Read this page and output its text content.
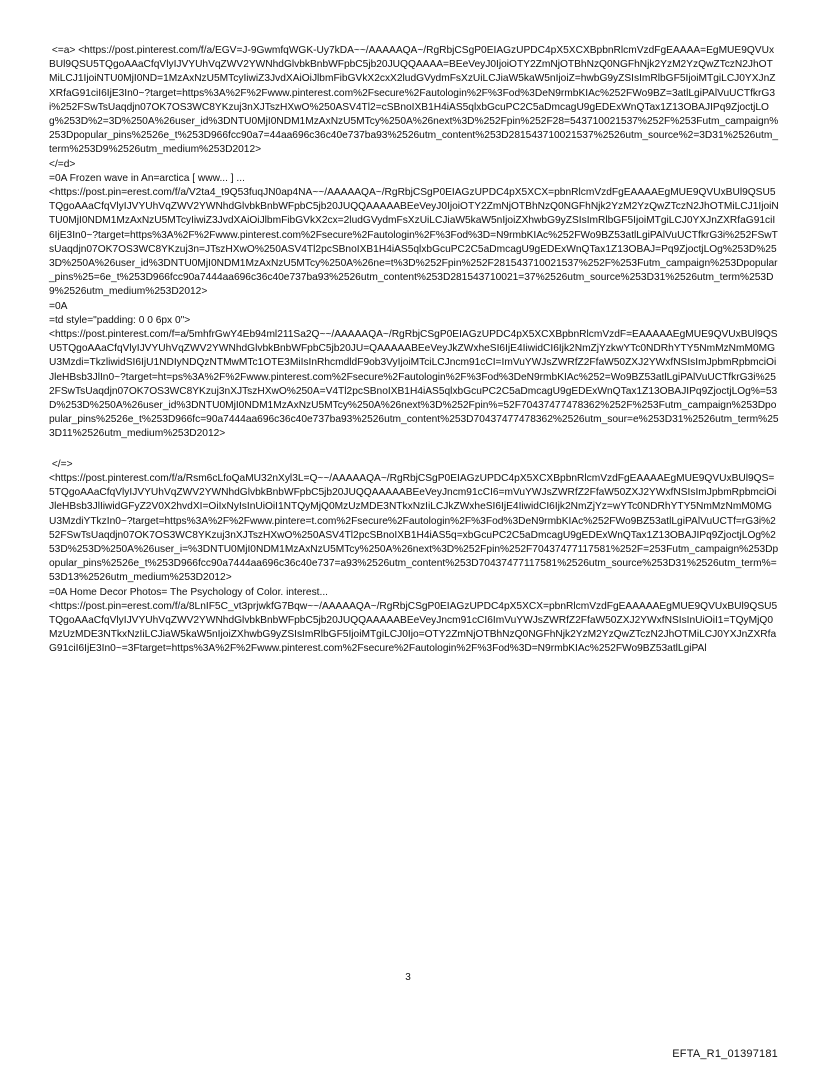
<=a> <https://post.pinterest.com/f/a/EGV=J-9GwmfqWGK-Uy7kDA~~/AAAAAQA~/RgRbjCSgP0EIAGzUPDC4pX5XCXBpbnRlcmVzdFgEAAAA=EgMUE9QVUxBUl9QSU5TQgoAAaCfqVlyIJVYUhVqZWV2YWNhdGlvbkBnbWFpbC5jb20JUQQAAAA=BEeVeyJ0IjoiOTY2ZmNjOTBhNzQ0NGFhNjk2YzM2YzQwZTczN2JhOTMiLCJ1IjoiNTU0MjI0ND=1MzAxNzU5MTcyIiwiZ3JvdXAiOiJlbmFibGVkX2cxX2ludGVydmFsXzUiLCJiaW5kaW5nIjoiZ=hwbG9yZSIsImRlbGF5IjoiMTgiLCJ0YXJnZXRfaG91ciI6IjE3In0~?target=https%3A%2F%2Fwww.pinterest.com%2Fsecure%2Fautologin%2F%3Fod%3DeN9rmbKIAc%252FWo9BZ=3atlLgiPAlVuUCTfkrG3i%252FSwTsUaqdjn07OK7OS3WC8YKzuj3nXJTszHXwO%250ASV4Tl2=cSBnoIXB1H4iAS5qlxbGcuPC2C5aDmcagU9gEDExWnQTax1Z13OBAJIPq9ZjoctjLOg%253D%2=3D%250A%26user_id%3DNTU0MjI0NDM1MzAxNzU5MTcy%250A%26next%3D%252Fpin%252F28=543710021537%252F%253Futm_campaign%253Dpopular_pins%2526e_t%253D966fcc90a7=44aa696c36c40e737ba93%2526utm_content%253D281543710021537%2526utm_source%2=3D31%2526utm_term%253D9%2526utm_medium%253D2012>

</=d>

=0A Frozen wave in An=arctica [ www... ] ...

<https://post.pin=erest.com/f/a/V2ta4_t9Q53fuqJN0ap4NA~~/AAAAAQA~/RgRbjCSgP0EIAGzUPDC4pX5XCX=pbnRlcmVzdFgEAAAAEgMUE9QVUxBUl9QSU5TQgoAAaCfqVlyIJVYUhVqZWV2YWNhdGlvbkBnbWFpbC5jb20JUQQAAAAABEeVeyJ0IjoiOTY2ZmNjOTBhNzQ0NGFhNjk2YzM2YzQwZTczN2JhOTMiLCJ1IjoiNTU0MjI0NDM1MzAxNzU5MTcyIiwiZ3JvdXAiOiJlbmFibGVkX2cx=2ludGVydmFsXzUiLCJiaW5kaW5nIjoiZXhwbG9yZSIsImRlbGF5IjoiMTgiLCJ0YXJnZXRfaG91ciI6IjE3In0~?target=https%3A%2F%2Fwww.pinterest.com%2Fsecure%2Fautologin%2F%3Fod%3D=N9rmbKIAc%252FWo9BZ53atlLgiPAlVuUCTfkrG3i%252FSwTsUaqdjn07OK7OS3WC8YKzuj3n=JTszHXwO%250ASV4Tl2pcSBnoIXB1H4iAS5qlxbGcuPC2C5aDmcagU9gEDExWnQTax1Z13OBAJ=Pq9ZjoctjLOg%253D%253D%250A%26user_id%3DNTU0MjI0NDM1MzAxNzU5MTcy%250A%26ne=t%3D%252Fpin%252F281543710021537%252F%253Futm_campaign%253Dpopular_pins%25=6e_t%253D966fcc90a7444aa696c36c40e737ba93%2526utm_content%253D281543710021=37%2526utm_source%253D31%2526utm_term%253D9%2526utm_medium%253D2012>

=0A

=td style="padding: 0 0 6px 0">

<https://post.pinterest.com/f=a/5mhfrGwY4Eb94ml211Sa2Q~~/AAAAAQA~/RgRbjCSgP0EIAGzUPDC4pX5XCXBpbnRlcmVzdF=EAAAAAEgMUE9QVUxBUl9QSU5TQgoAAaCfqVlyIJVYUhVqZWV2YWNhdGlvbkBnbWFpbC5jb20JU=QAAAAABEeVeyJkZWxheSI6IjE4IiwidCI6Ijk2NmZjYzkwYTc0NDRhYTY5NmMzNmM0MGU3Mzdi=TkzliwidSI6IjU1NDIyNDQzNTMwMTc1OTE3MiIsInRhcmdldF9ob3VyIjoiMTciLCJncm91cCI=ImVuYWJsZWRfZ2FfaW50ZXJ2YWxfNSIsImJpbmRpbmciOiJleHBsb3JlIn0~?target=ht=ps%3A%2F%2Fwww.pinterest.com%2Fsecure%2Fautologin%2F%3Fod%3DeN9rmbKIAc%252=Wo9BZ53atlLgiPAlVuUCTfkrG3i%252FSwTsUaqdjn07OK7OS3WC8YKzuj3nXJTszHXwO%250A=V4Tl2pcSBnoIXB1H4iAS5qlxbGcuPC2C5aDmcagU9gEDExWnQTax1Z13OBAJIPq9ZjoctjLOg%=53D%253D%250A%26user_id%3DNTU0MjI0NDM1MzAxNzU5MTcy%250A%26next%3D%252Fpin%=52F70437477478362%252F%253Futm_campaign%253Dpopular_pins%2526e_t%253D966fc=90a7444aa696c36c40e737ba93%2526utm_content%253D70437477478362%2526utm_sour=e%253D31%2526utm_term%253D11%2526utm_medium%253D2012>

</=>

<https://post.pinterest.com/f/a/Rsm6cLfoQaMU32nXyl3L=Q~~/AAAAAQA~/RgRbjCSgP0EIAGzUPDC4pX5XCXBpbnRlcmVzdFgEAAAAEgMUE9QVUxBUl9QS=5TQgoAAaCfqVlyIJVYUhVqZWV2YWNhdGlvbkBnbWFpbC5jb20JUQQAAAAABEeVeyJncm91cCI6=mVuYWJsZWRfZ2FfaW50ZXJ2YWxfNSIsImJpbmRpbmciOiJleHBsb3JlIiwidGFyZ2V0X2hvdXI=OiIxNyIsInUiOiI1NTQyMjQ0MzUzMDE3NTkxNzIiLCJkZWxheSI6IjE4IiwidCI6Ijk2NmZjYz=wYTc0NDRhYTY5NmMzNmM0MGU3MzdiYTkzIn0~?target=https%3A%2F%2Fwww.pintere=t.com%2Fsecure%2Fautologin%2F%3Fod%3DeN9rmbKIAc%252FWo9BZ53atlLgiPAlVuUCTf=rG3i%252FSwTsUaqdjn07OK7OS3WC8YKzuj3nXJTszHXwO%250ASV4Tl2pcSBnoIXB1H4iAS5q=xbGcuPC2C5aDmcagU9gEDExWnQTax1Z13OBAJIPq9ZjoctjLOg%253D%253D%250A%26user_i=%3DNTU0MjI0NDM1MzAxNzU5MTcy%250A%26next%3D%252Fpin%252F70437477117581%252F=253Futm_campaign%253Dpopular_pins%2526e_t%253D966fcc90a7444aa696c36c40e737=a93%2526utm_content%253D70437477117581%2526utm_source%253D31%2526utm_term%=53D13%2526utm_medium%253D2012>

=0A Home Decor Photos= The Psychology of Color. interest...

<https://post.pin=erest.com/f/a/8LnIF5C_vt3prjwkfG7Bqw~~/AAAAAQA~/RgRbjCSgP0EIAGzUPDC4pX5XCX=pbnRlcmVzdFgEAAAAAEgMUE9QVUxBUl9QSU5TQgoAAaCfqVlyIJVYUhVqZWV2YWNhdGlvbkBnbWFpbC5jb20JUQQAAAAABEeVeyJncm91cCI6ImVuYWJsZWRfZ2FfaW50ZXJ2YWxfNSIsInUiOiI1=TQyMjQ0MzUzMDE3NTkxNzIiLCJiaW5kaW5nIjoiZXhwbG9yZSIsImRlbGF5IjoiMTgiLCJ0Ijo=OTY2ZmNjOTBhNzQ0NGFhNjk2YzM2YzQwZTczN2JhOTMiLCJ0YXJnZXRfaG91ciI6IjE3In0~=3Ftarget=https%3A%2F%2Fwww.pinterest.com%2Fsecure%2Fautologin%2F%3Fod%3D=N9rmbKIAc%252FWo9BZ53atlLgiPAl

3
EFTA_R1_01397181
